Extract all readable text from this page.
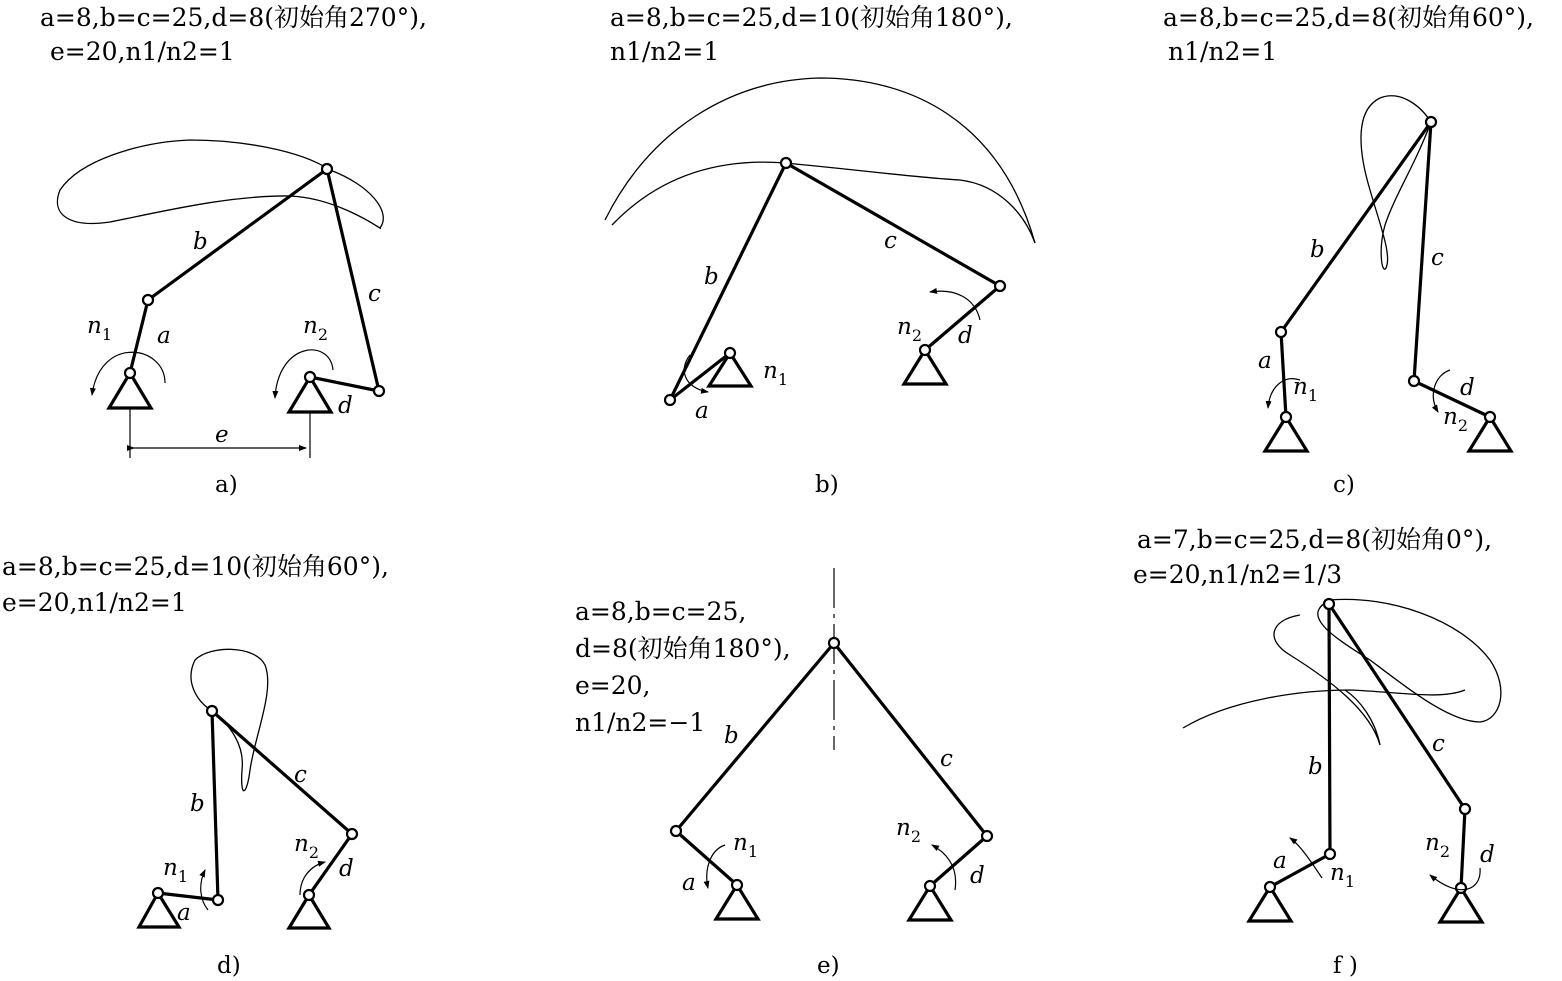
a=8,b=c=25,d=8(初始角270°),
e=20,n1/n2=1
b
c
a
d
e
$n_1$	$n_2$
a)
a=8,b=c=25,d=10(初始角180°),
n1/n2=1
b
c
a
d
$n_1$
$n_2$
b)
a=8,b=c=25,d=8(初始角60°),
n1/n2=1
b	c
a
d
$n_1$
$n_2$
c)
a=8,b=c=25,d=10(初始角60°),
e=20,n1/n2=1
b
c
a
d
$n_1$
$n_2$
d)
a=8,b=c=25,
d=8(初始角180°),
e=20,
n1/n2=−1 b
c
a	d
$n_1$
$n_2$
e)
a=7,b=c=25,d=8(初始角0°),
e=20,n1/n2=1/3
b
c
a	d
$n_1$
$n_2$
f )
